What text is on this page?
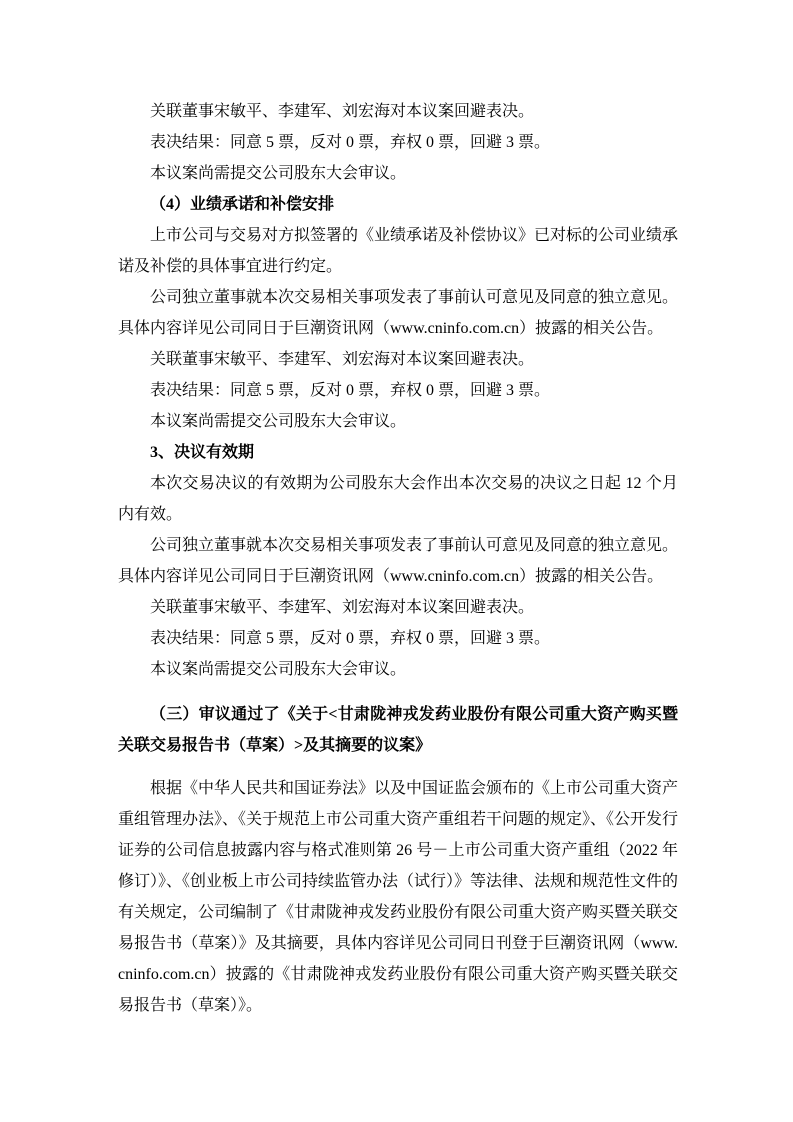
关联董事宋敏平、李建军、刘宏海对本议案回避表决。

表决结果：同意 5 票，反对 0 票，弃权 0 票，回避 3 票。

本议案尚需提交公司股东大会审议。

（4）业绩承诺和补偿安排

上市公司与交易对方拟签署的《业绩承诺及补偿协议》已对标的公司业绩承诺及补偿的具体事宜进行约定。

公司独立董事就本次交易相关事项发表了事前认可意见及同意的独立意见。具体内容详见公司同日于巨潮资讯网（www.cninfo.com.cn）披露的相关公告。

关联董事宋敏平、李建军、刘宏海对本议案回避表决。

表决结果：同意 5 票，反对 0 票，弃权 0 票，回避 3 票。

本议案尚需提交公司股东大会审议。

3、决议有效期

本次交易决议的有效期为公司股东大会作出本次交易的决议之日起 12 个月内有效。

公司独立董事就本次交易相关事项发表了事前认可意见及同意的独立意见。具体内容详见公司同日于巨潮资讯网（www.cninfo.com.cn）披露的相关公告。

关联董事宋敏平、李建军、刘宏海对本议案回避表决。

表决结果：同意 5 票，反对 0 票，弃权 0 票，回避 3 票。

本议案尚需提交公司股东大会审议。

（三）审议通过了《关于<甘肃陇神戎发药业股份有限公司重大资产购买暨关联交易报告书（草案）>及其摘要的议案》

根据《中华人民共和国证券法》以及中国证监会颁布的《上市公司重大资产重组管理办法》、《关于规范上市公司重大资产重组若干问题的规定》、《公开发行证券的公司信息披露内容与格式准则第 26 号－上市公司重大资产重组（2022 年修订）》、《创业板上市公司持续监管办法（试行）》等法律、法规和规范性文件的有关规定，公司编制了《甘肃陇神戎发药业股份有限公司重大资产购买暨关联交易报告书（草案）》及其摘要，具体内容详见公司同日刊登于巨潮资讯网（www.cninfo.com.cn）披露的《甘肃陇神戎发药业股份有限公司重大资产购买暨关联交易报告书（草案）》。
